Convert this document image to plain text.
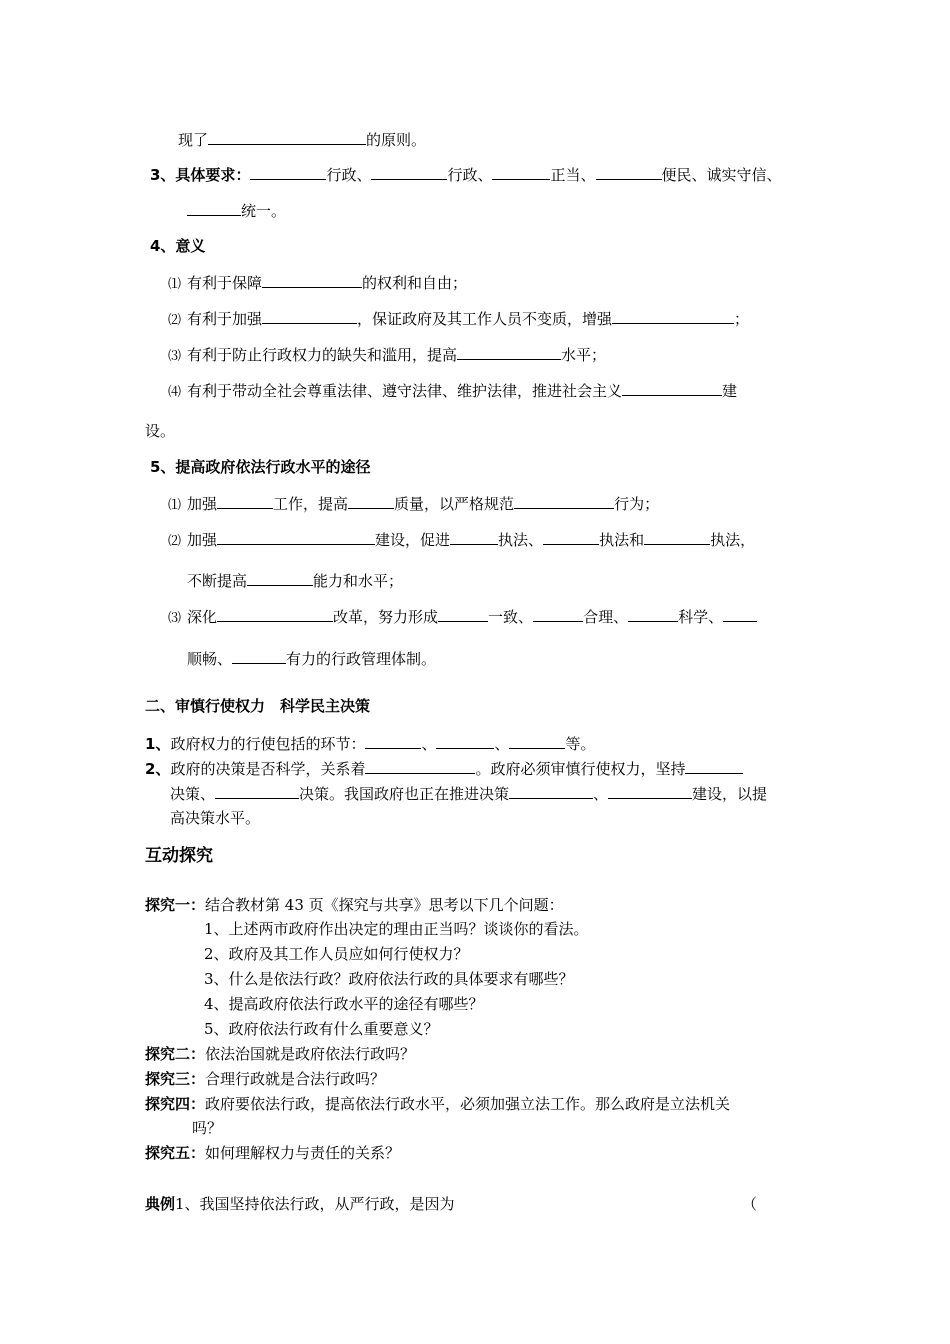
现了	的原则。
3、具体要求：	行政、	行政、	正当、	便民、诚实守信、
统一。
4、意义
⑴ 有利于保障	的权利和自由；
⑵ 有利于加强	，保证政府及其工作人员不变质，增强	；
⑶ 有利于防止行政权力的缺失和滥用，提高	水平；
⑷ 有利于带动全社会尊重法律、遵守法律、维护法律，推进社会主义	建
设。
5、提高政府依法行政水平的途径
⑴ 加强	工作，提高	质量，以严格规范	行为；
⑵ 加强	建设，促进	执法、	执法和	执法，
不断提高	能力和水平；
⑶ 深化	改革，努力形成	一致、	合理、	科学、
顺畅、	有力的行政管理体制。
二、审慎行使权力　科学民主决策
1、政府权力的行使包括的环节：	、	、	等。
2、政府的决策是否科学，关系着	。政府必须审慎行使权力，坚持
决策、	决策。我国政府也正在推进决策	、	建设，以提
高决策水平。
互动探究
探究一：结合教材第 43 页《探究与共享》思考以下几个问题：
1、上述两市政府作出决定的理由正当吗？谈谈你的看法。
2、政府及其工作人员应如何行使权力？
3、什么是依法行政？政府依法行政的具体要求有哪些？
4、提高政府依法行政水平的途径有哪些？
5、政府依法行政有什么重要意义？
探究二：依法治国就是政府依法行政吗？
探究三：合理行政就是合法行政吗？
探究四：政府要依法行政，提高依法行政水平，必须加强立法工作。那么政府是立法机关
吗？
探究五：如何理解权力与责任的关系？
典例1、我国坚持依法行政，从严行政，是因为	（
